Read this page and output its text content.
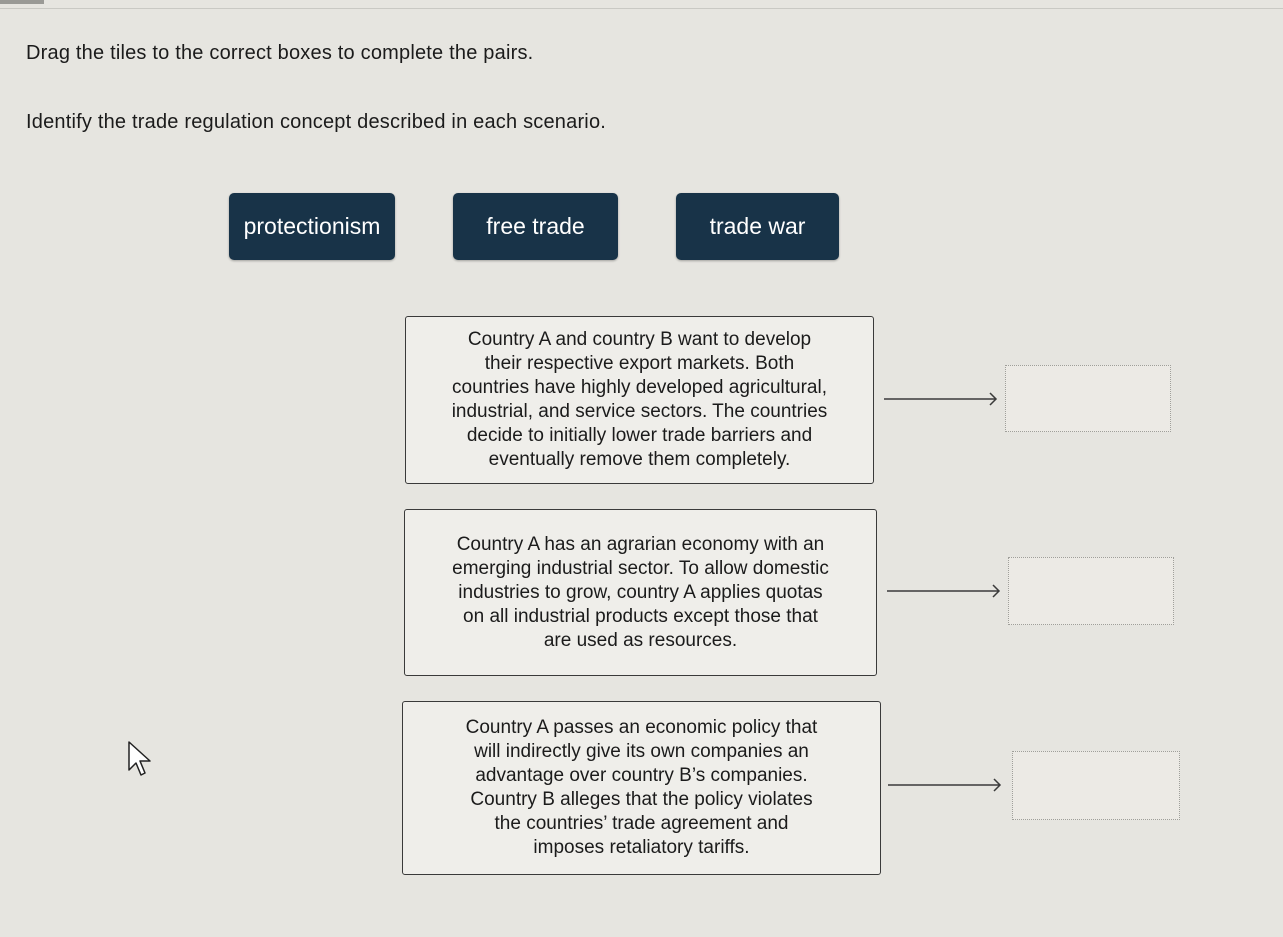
Drag the tiles to the correct boxes to complete the pairs.
Identify the trade regulation concept described in each scenario.
protectionism	free trade	trade war
Country A and country B want to develop
their respective export markets. Both
countries have highly developed agricultural,
industrial, and service sectors. The countries
decide to initially lower trade barriers and
eventually remove them completely.
Country A has an agrarian economy with an
emerging industrial sector. To allow domestic
industries to grow, country A applies quotas
on all industrial products except those that
are used as resources.
Country A passes an economic policy that
will indirectly give its own companies an
advantage over country B’s companies.
Country B alleges that the policy violates
the countries’ trade agreement and
imposes retaliatory tariffs.
